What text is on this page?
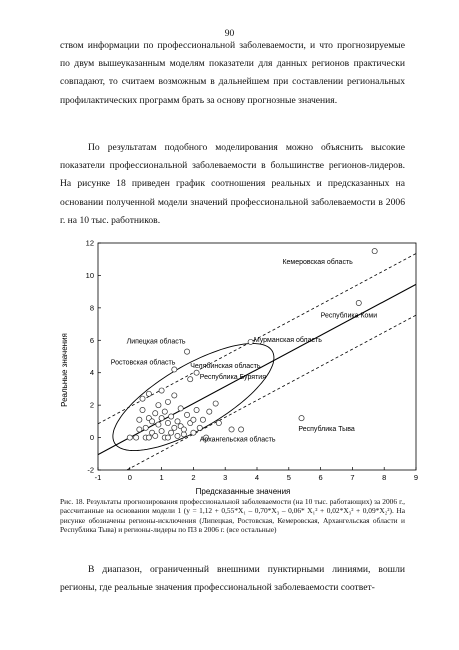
90

ством информации по профессиональной заболеваемости, и что прогнозируемые по двум вышеуказанным моделям показатели для данных регионов практически совпадают, то считаем возможным в дальнейшем при составлении региональных профилактических программ брать за основу прогнозные значения.

По результатам подобного моделирования можно объяснить высокие показатели профессиональной заболеваемости в большинстве регионов-лидеров. На рисунке 18 приведен график соотношения реальных и предсказанных на основании полученной модели значений профессиональной заболеваемости в 2006 г. на 10 тыс. работников.

-1	0	1	2	3	4	5	6	7	8	9
-2
0
2
4
6
8
10
12
Кемеровская область
Республика Коми
Мурманская область
Липецкая область
Ростовская область Челябинская область
Республика Бурятия
Республика Тыва
Архангельская область
Предсказанные значения
Реальные значения

Рис. 18. Результаты прогнозирования профессиональной заболеваемости (на 10 тыс. работающих) за 2006 г., рассчитанные на основании модели 1 (y = 1,12 + 0,55*X₁ – 0,70*X₃ – 0,06* X₁² + 0,02*X₃² + 0,09*X₂²). На рисунке обозначены регионы-исключения (Липецкая, Ростовская, Кемеровская, Архангельская области и Республика Тыва) и регионы-лидеры по ПЗ в 2006 г. (все остальные)

В диапазон, ограниченный внешними пунктирными линиями, вошли регионы, где реальные значения профессиональной заболеваемости соответ-
